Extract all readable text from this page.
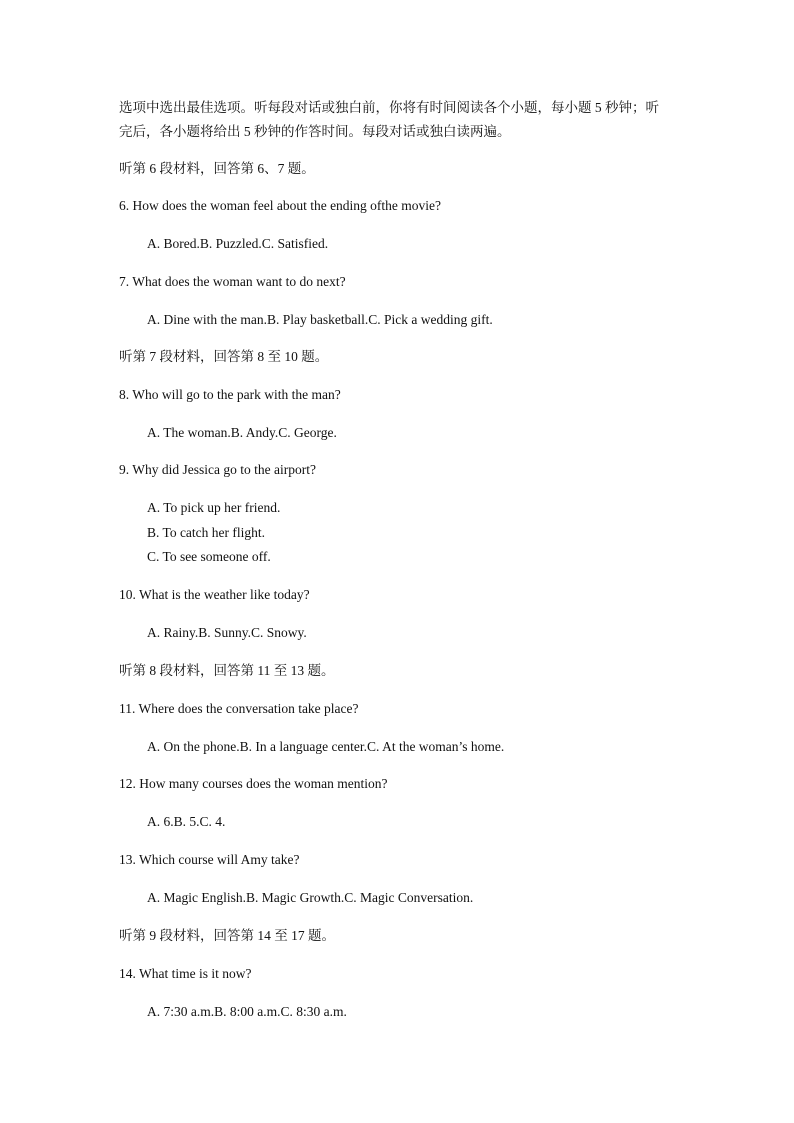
选项中选出最佳选项。听每段对话或独白前，你将有时间阅读各个小题，每小题 5 秒钟；听
完后，各小题将给出 5 秒钟的作答时间。每段对话或独白读两遍。
听第 6 段材料，回答第 6、7 题。
6. How does the woman feel about the ending ofthe movie?
A. Bored.B. Puzzled.C. Satisfied.
7. What does the woman want to do next?
A. Dine with the man.B. Play basketball.C. Pick a wedding gift.
听第 7 段材料，回答第 8 至 10 题。
8. Who will go to the park with the man?
A. The woman.B. Andy.C. George.
9. Why did Jessica go to the airport?
A. To pick up her friend.
B. To catch her flight.
C. To see someone off.
10. What is the weather like today?
A. Rainy.B. Sunny.C. Snowy.
听第 8 段材料，回答第 11 至 13 题。
11. Where does the conversation take place?
A. On the phone.B. In a language center.C. At the woman’s home.
12. How many courses does the woman mention?
A. 6.B. 5.C. 4.
13. Which course will Amy take?
A. Magic English.B. Magic Growth.C. Magic Conversation.
听第 9 段材料，回答第 14 至 17 题。
14. What time is it now?
A. 7:30 a.m.B. 8:00 a.m.C. 8:30 a.m.
